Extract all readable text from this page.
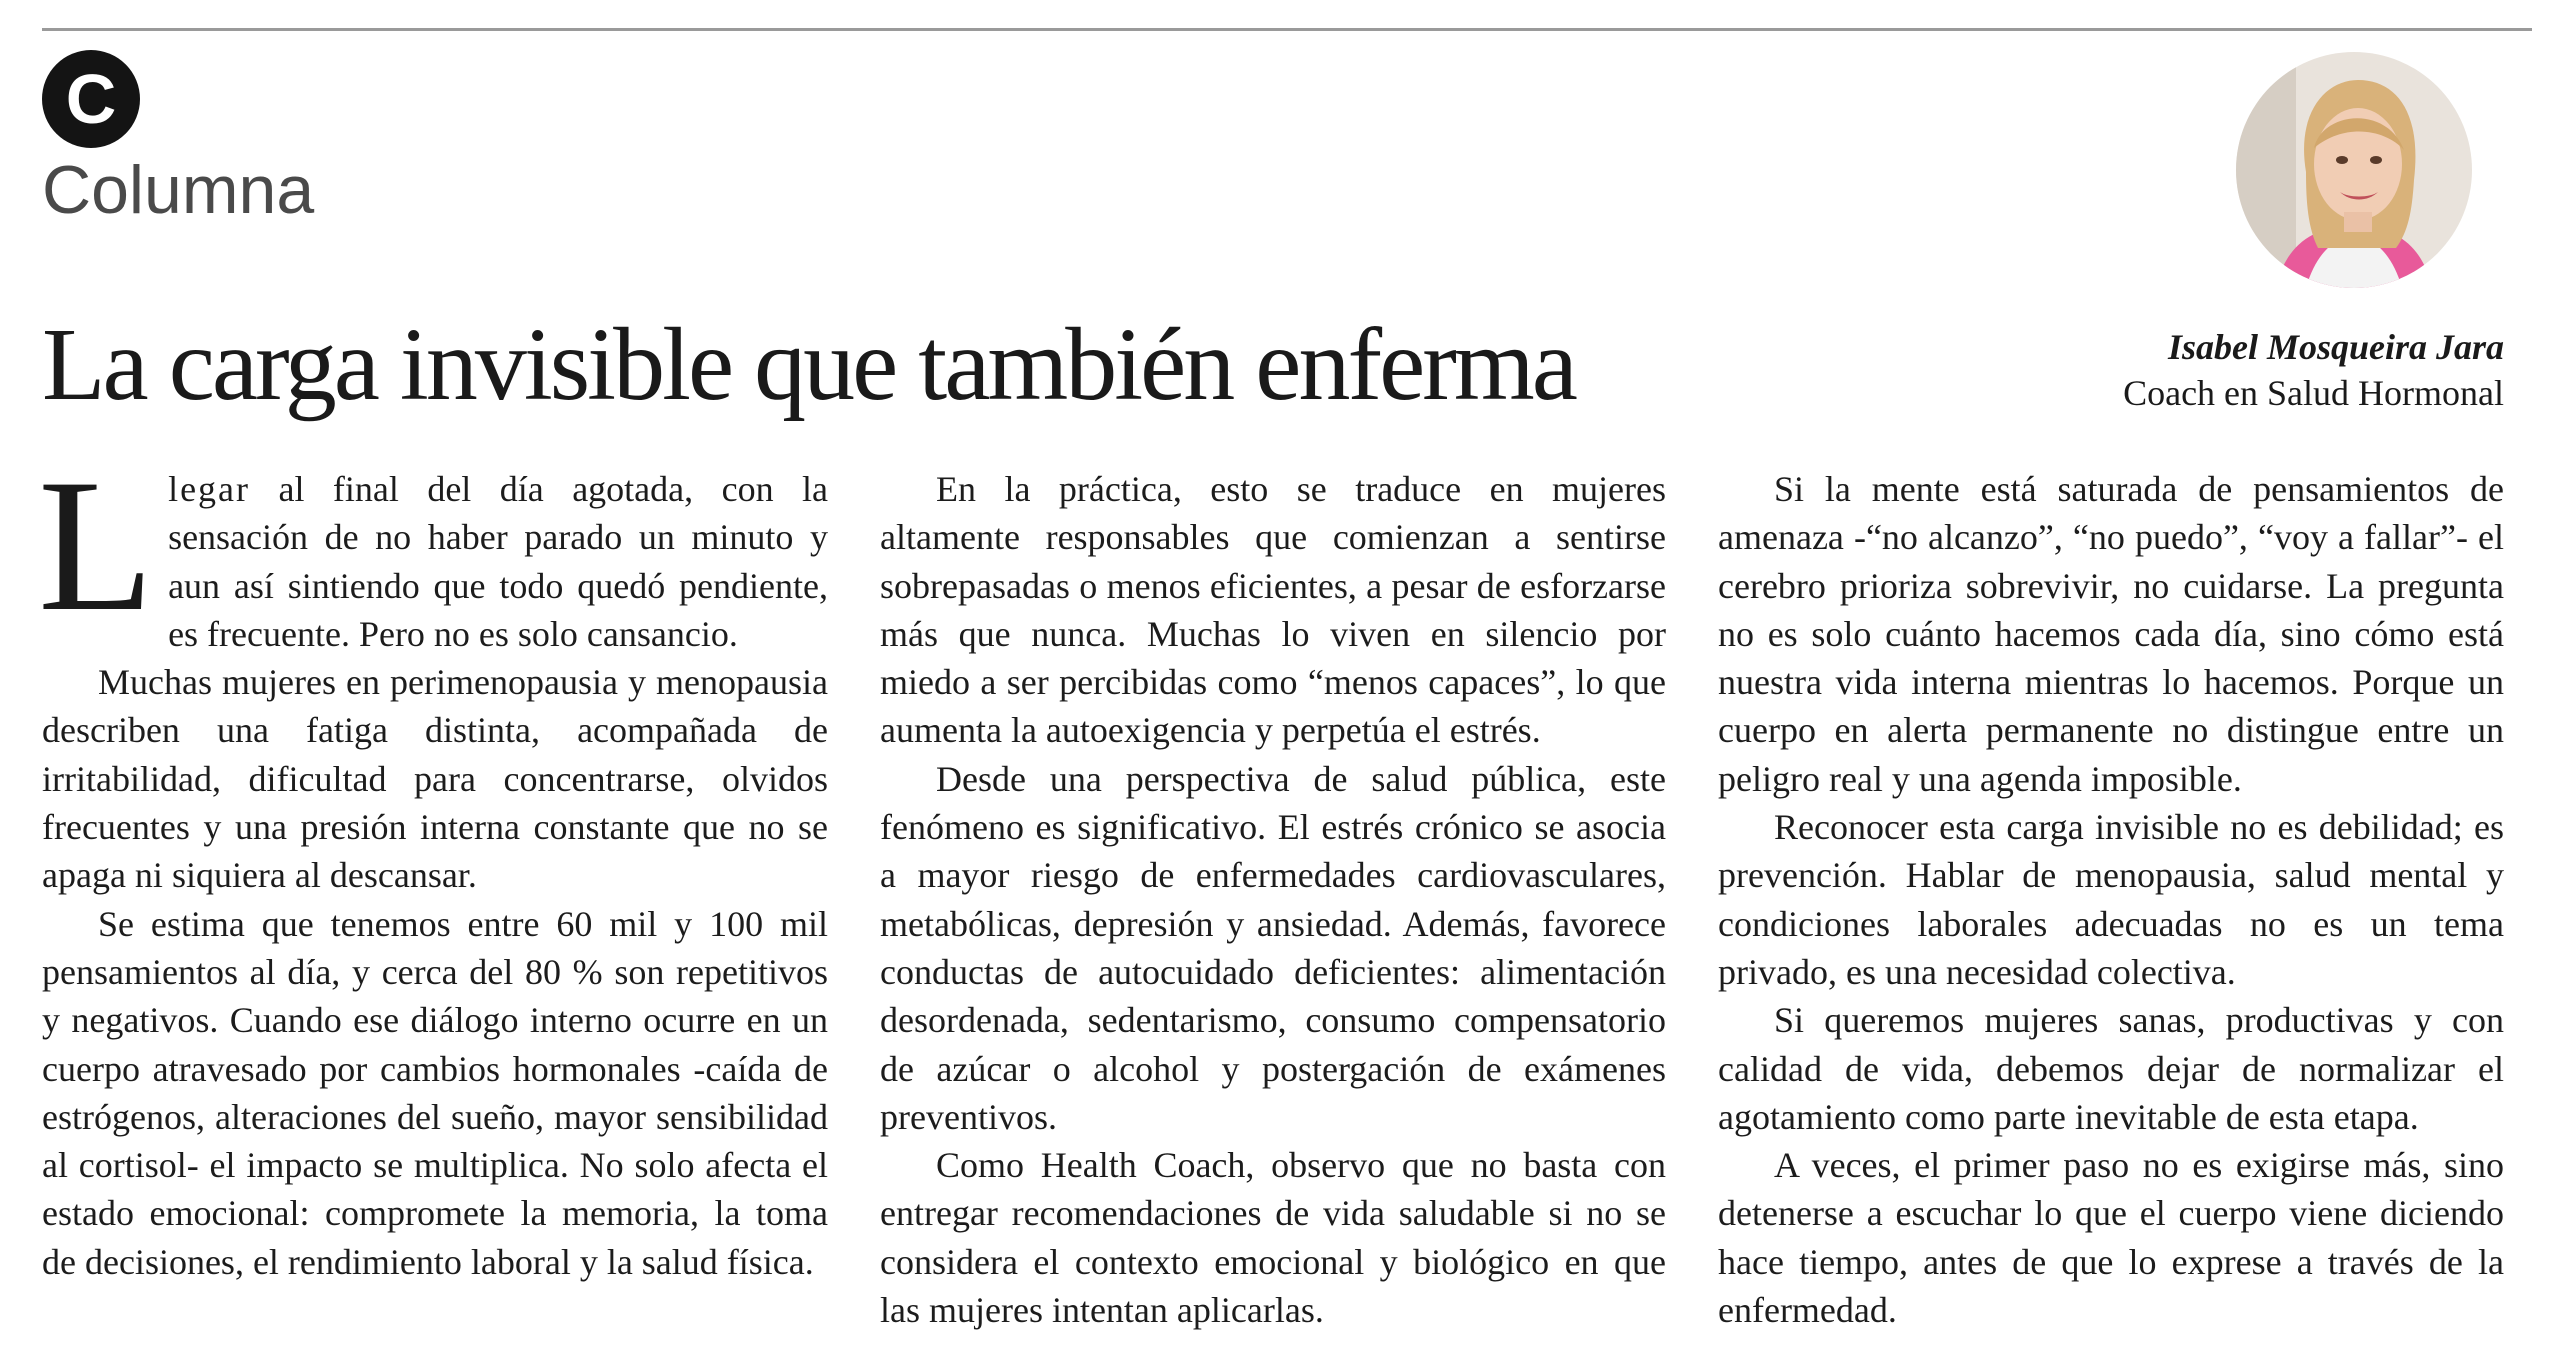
C
Columna
La carga invisible que también enferma	Isabel Mosqueira Jara
Coach en Salud Hormonal

Llegar al final del día agotada, con la sensación de no haber parado un minuto y aun así sintiendo que todo quedó pendiente, es frecuente. Pero no es solo cansancio.

Muchas mujeres en perimenopausia y menopausia describen una fatiga distinta, acompañada de irritabilidad, dificultad para concentrarse, olvidos frecuentes y una presión interna constante que no se apaga ni siquiera al descansar.

Se estima que tenemos entre 60 mil y 100 mil pensamientos al día, y cerca del 80 % son repetitivos y negativos. Cuando ese diálogo interno ocurre en un cuerpo atravesado por cambios hormonales -caída de estrógenos, alteraciones del sueño, mayor sensibilidad al cortisol- el impacto se multiplica. No solo afecta el estado emocional: compromete la memoria, la toma de decisiones, el rendimiento laboral y la salud física.

En la práctica, esto se traduce en mujeres altamente responsables que comienzan a sentirse sobrepasadas o menos eficientes, a pesar de esforzarse más que nunca. Muchas lo viven en silencio por miedo a ser percibidas como “menos capaces”, lo que aumenta la autoexigencia y perpetúa el estrés.

Desde una perspectiva de salud pública, este fenómeno es significativo. El estrés crónico se asocia a mayor riesgo de enfermedades cardiovasculares, metabólicas, depresión y ansiedad. Además, favorece conductas de autocuidado deficientes: alimentación desordenada, sedentarismo, consumo compensatorio de azúcar o alcohol y postergación de exámenes preventivos.

Como Health Coach, observo que no basta con entregar recomendaciones de vida saludable si no se considera el contexto emocional y biológico en que las mujeres intentan aplicarlas.

Si la mente está saturada de pensamientos de amenaza -“no alcanzo”, “no puedo”, “voy a fallar”- el cerebro prioriza sobrevivir, no cuidarse. La pregunta no es solo cuánto hacemos cada día, sino cómo está nuestra vida interna mientras lo hacemos. Porque un cuerpo en alerta permanente no distingue entre un peligro real y una agenda imposible.

Reconocer esta carga invisible no es debilidad; es prevención. Hablar de menopausia, salud mental y condiciones laborales adecuadas no es un tema privado, es una necesidad colectiva.

Si queremos mujeres sanas, productivas y con calidad de vida, debemos dejar de normalizar el agotamiento como parte inevitable de esta etapa.

A veces, el primer paso no es exigirse más, sino detenerse a escuchar lo que el cuerpo viene diciendo hace tiempo, antes de que lo exprese a través de la enfermedad.
